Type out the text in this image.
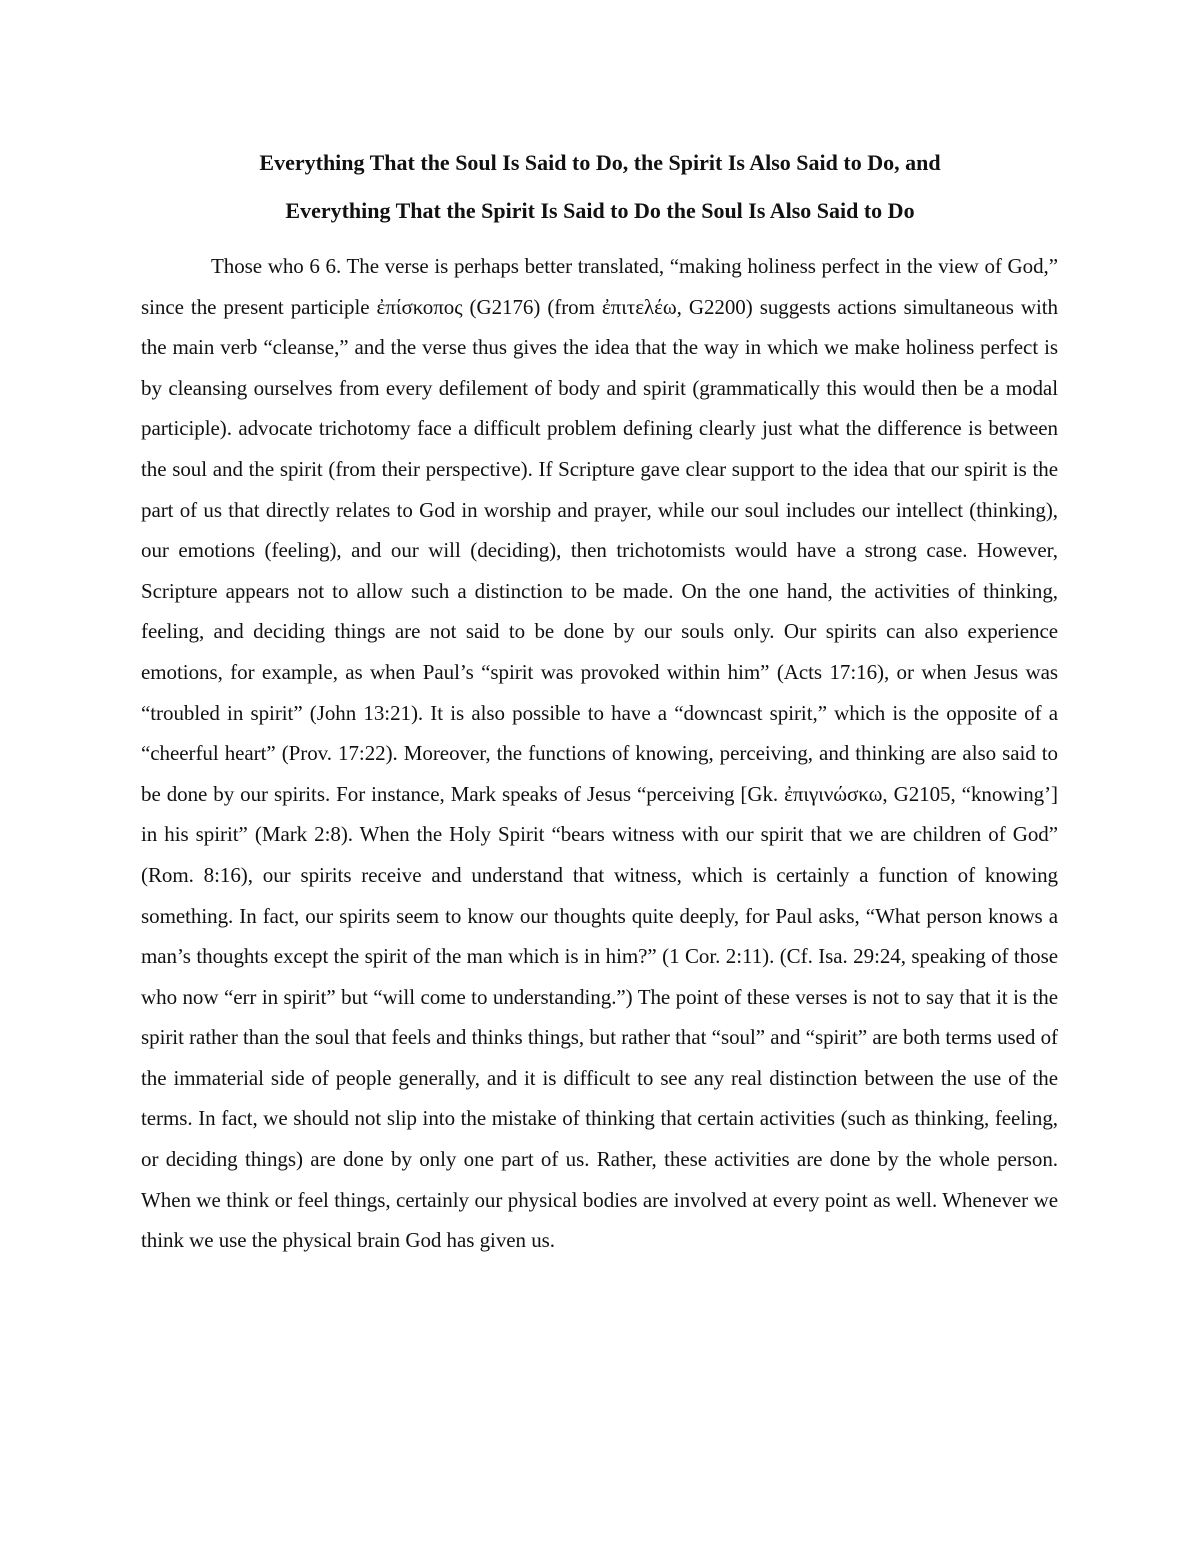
Everything That the Soul Is Said to Do, the Spirit Is Also Said to Do, and
Everything That the Spirit Is Said to Do the Soul Is Also Said to Do

Those who 6 6. The verse is perhaps better translated, “making holiness perfect in the view of God,” since the present participle ἐπίσκοπος (G2176) (from ἐπιτελέω, G2200) suggests actions simultaneous with the main verb “cleanse,” and the verse thus gives the idea that the way in which we make holiness perfect is by cleansing ourselves from every defilement of body and spirit (grammatically this would then be a modal participle). advocate trichotomy face a difficult problem defining clearly just what the difference is between the soul and the spirit (from their perspective). If Scripture gave clear support to the idea that our spirit is the part of us that directly relates to God in worship and prayer, while our soul includes our intellect (thinking), our emotions (feeling), and our will (deciding), then trichotomists would have a strong case. However, Scripture appears not to allow such a distinction to be made. On the one hand, the activities of thinking, feeling, and deciding things are not said to be done by our souls only. Our spirits can also experience emotions, for example, as when Paul’s “spirit was provoked within him” (Acts 17:16), or when Jesus was “troubled in spirit” (John 13:21). It is also possible to have a “downcast spirit,” which is the opposite of a “cheerful heart” (Prov. 17:22). Moreover, the functions of knowing, perceiving, and thinking are also said to be done by our spirits. For instance, Mark speaks of Jesus “perceiving [Gk. ἐπιγινώσκω, G2105, “knowing’] in his spirit” (Mark 2:8). When the Holy Spirit “bears witness with our spirit that we are children of God” (Rom. 8:16), our spirits receive and understand that witness, which is certainly a function of knowing something. In fact, our spirits seem to know our thoughts quite deeply, for Paul asks, “What person knows a man’s thoughts except the spirit of the man which is in him?” (1 Cor. 2:11). (Cf. Isa. 29:24, speaking of those who now “err in spirit” but “will come to understanding.”) The point of these verses is not to say that it is the spirit rather than the soul that feels and thinks things, but rather that “soul” and “spirit” are both terms used of the immaterial side of people generally, and it is difficult to see any real distinction between the use of the terms. In fact, we should not slip into the mistake of thinking that certain activities (such as thinking, feeling, or deciding things) are done by only one part of us. Rather, these activities are done by the whole person. When we think or feel things, certainly our physical bodies are involved at every point as well. Whenever we think we use the physical brain God has given us.
